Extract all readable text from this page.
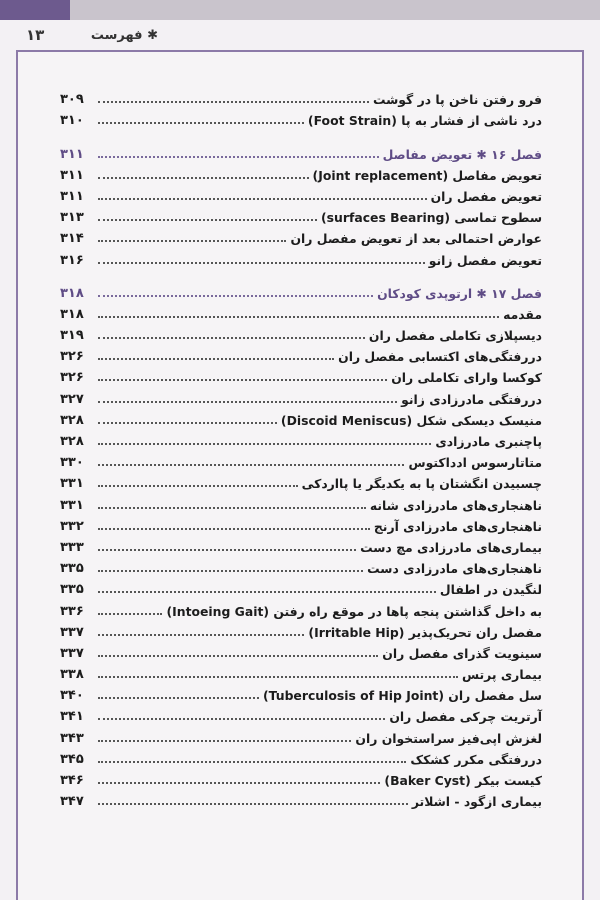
✱ فهرست
۱۳
فرو رفتن ناخن پا در گوشت
۳۰۹
درد ناشی از فشار به پا (Foot Strain)
۳۱۰
فصل ۱۶ ✱ تعویض مفاصل
۳۱۱
تعویض مفاصل (Joint replacement)
۳۱۱
تعویض مفصل ران
۳۱۱
سطوح تماسی (surfaces Bearing)
۳۱۳
عوارض احتمالی بعد از تعویض مفصل ران
۳۱۴
تعویض مفصل زانو
۳۱۶
فصل ۱۷ ✱ ارتوپدی کودکان
۳۱۸
مقدمه
۳۱۸
دیسپلازی تکاملی مفصل ران
۳۱۹
دررفتگی‌های اکتسابی مفصل ران
۳۲۶
کوکسا وارای تکاملی ران
۳۲۶
دررفتگی مادرزادی زانو
۳۲۷
منیسک دیسکی شکل (Discoid Meniscus)
۳۲۸
پاچنبری مادرزادی
۳۲۸
متاتارسوس ادداکتوس
۳۳۰
چسبیدن انگشتان پا به یکدیگر یا پااردکی
۳۳۱
ناهنجاری‌های مادرزادی شانه
۳۳۱
ناهنجاری‌های مادرزادی آرنج
۳۳۲
بیماری‌های مادرزادی مچ دست
۳۳۳
ناهنجاری‌های مادرزادی دست
۳۳۵
لنگیدن در اطفال
۳۳۵
به داخل گذاشتن پنجه پاها در موقع راه رفتن (Intoeing Gait)
۳۳۶
مفصل ران تحریک‌پذیر (Irritable Hip)
۳۳۷
سینویت گذرای مفصل ران
۳۳۷
بیماری پرتس
۳۳۸
سل مفصل ران (Tuberculosis of Hip Joint)
۳۴۰
آرتریت چرکی مفصل ران
۳۴۱
لغزش اپی‌فیز سراستخوان ران
۳۴۳
دررفتگی مکرر کشکک
۳۴۵
کیست بیکر (Baker Cyst)
۳۴۶
بیماری ازگود - اشلاتر
۳۴۷
